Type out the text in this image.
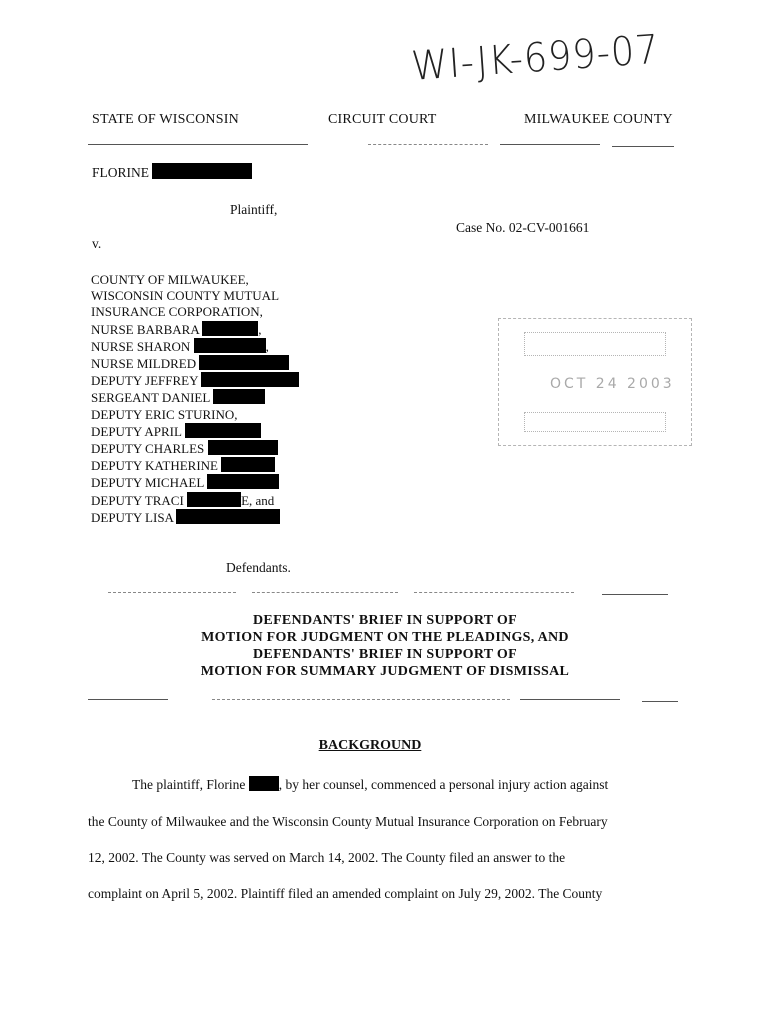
WI-JK-699-07
STATE OF WISCONSIN	CIRCUIT COURT	MILWAUKEE COUNTY
FLORINE
Plaintiff,
Case No. 02-CV-001661
v.
COUNTY OF MILWAUKEE,
WISCONSIN COUNTY MUTUAL
INSURANCE CORPORATION,
NURSE BARBARA	,
NURSE SHARON	,
NURSE MILDRED
DEPUTY JEFFREY
SERGEANT DANIEL
DEPUTY ERIC STURINO,
DEPUTY APRIL
DEPUTY CHARLES
DEPUTY KATHERINE
DEPUTY MICHAEL
DEPUTY TRACI	E, and
DEPUTY LISA
Defendants.
OCT 24 2003
DEFENDANTS' BRIEF IN SUPPORT OF
MOTION FOR JUDGMENT ON THE PLEADINGS, AND
DEFENDANTS' BRIEF IN SUPPORT OF
MOTION FOR SUMMARY JUDGMENT OF DISMISSAL
BACKGROUND
The plaintiff, Florine , by her counsel, commenced a personal injury action against
the County of Milwaukee and the Wisconsin County Mutual Insurance Corporation on February
12, 2002. The County was served on March 14, 2002. The County filed an answer to the
complaint on April 5, 2002. Plaintiff filed an amended complaint on July 29, 2002. The County
